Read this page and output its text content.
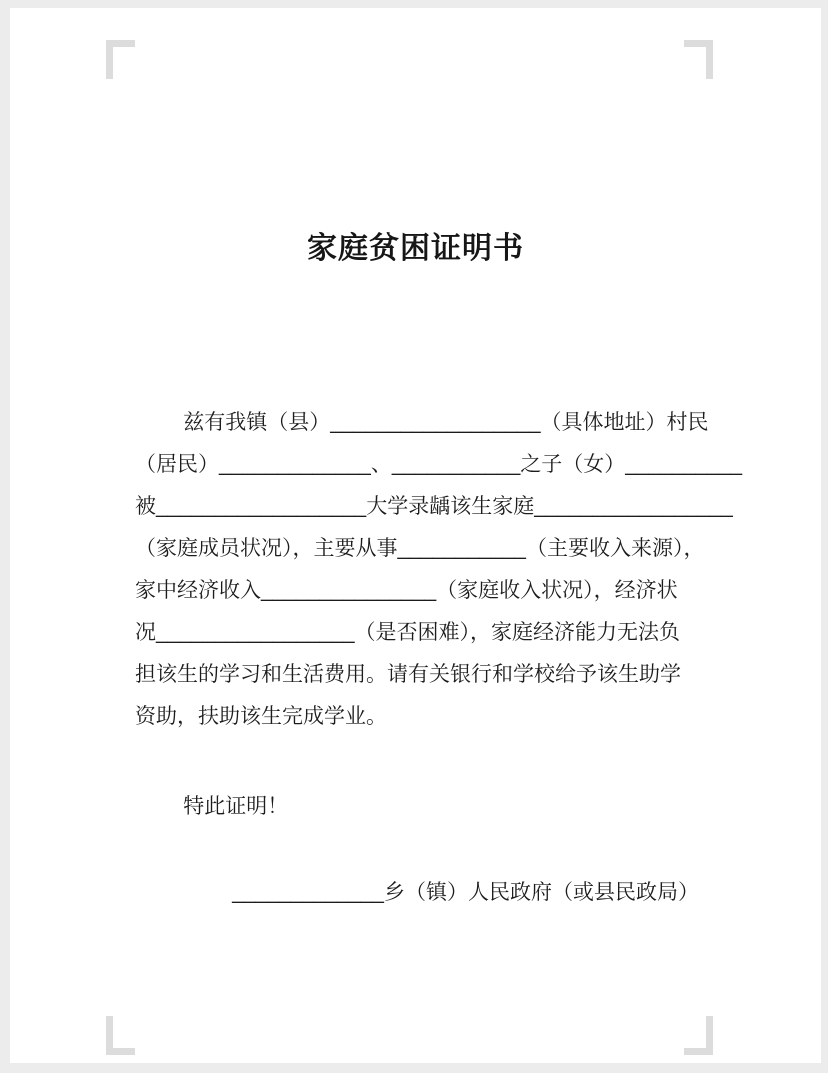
家庭贫困证明书

兹有我镇（县）__________________（具体地址）村民

（居民）_____________、___________之子（女）__________

被__________________大学录龋该生家庭_________________

（家庭成员状况），主要从事___________（主要收入来源），

家中经济收入_______________（家庭收入状况），经济状

况_________________（是否困难），家庭经济能力无法负

担该生的学习和生活费用。请有关银行和学校给予该生助学

资助，扶助该生完成学业。

特此证明！

_____________乡（镇）人民政府（或县民政局）
